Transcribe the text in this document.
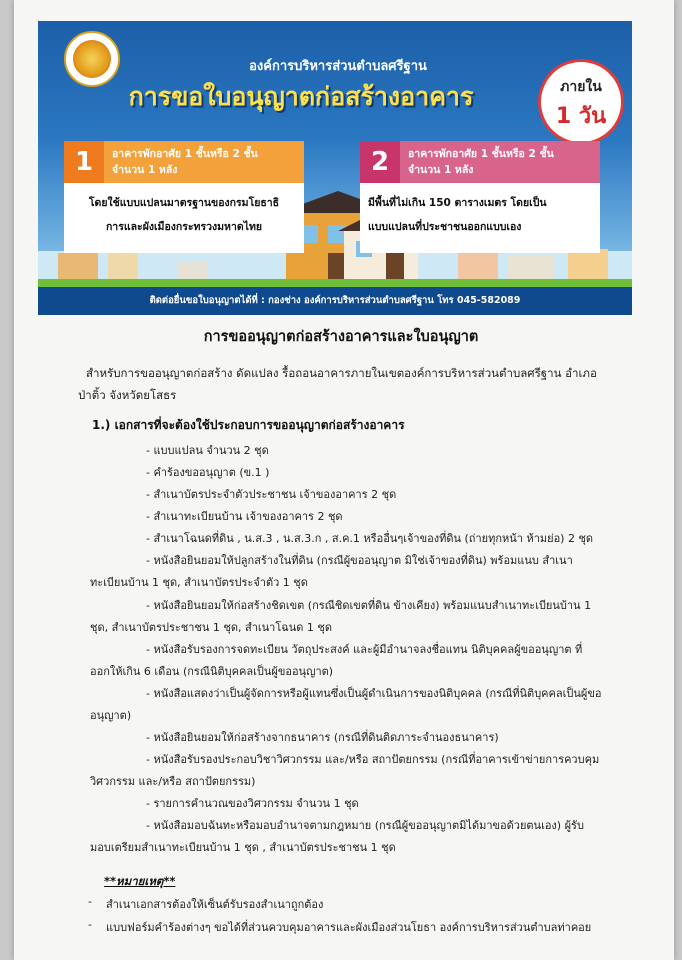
องค์การบริหารส่วนตำบลศรีฐาน
การขอใบอนุญาตก่อสร้างอาคาร	ภายใน
1 วัน
1	อาคารพักอาศัย 1 ชั้นหรือ 2 ชั้น
จำนวน 1 หลัง
โดยใช้แบบแปลนมาตรฐานของกรมโยธาธิ
การและผังเมืองกระทรวงมหาดไทย
2	อาคารพักอาศัย 1 ชั้นหรือ 2 ชั้น
จำนวน 1 หลัง
มีพื้นที่ไม่เกิน 150 ตารางเมตร โดยเป็น
แบบแปลนที่ประชาชนออกแบบเอง
ติดต่อยื่นขอใบอนุญาตได้ที่ : กองช่าง องค์การบริหารส่วนตำบลศรีฐาน โทร 045-582089
การขออนุญาตก่อสร้างอาคารและใบอนุญาต
สำหรับการขออนุญาตก่อสร้าง ดัดแปลง รื้อถอนอาคารภายในเขตองค์การบริหารส่วนตำบลศรีฐาน อำเภอ
ป่าติ้ว จังหวัดยโสธร
1.) เอกสารที่จะต้องใช้ประกอบการขออนุญาตก่อสร้างอาคาร
- แบบแปลน จำนวน 2 ชุด
- คำร้องขออนุญาต (ข.1 )
- สำเนาบัตรประจำตัวประชาชน เจ้าของอาคาร 2 ชุด
- สำเนาทะเบียนบ้าน เจ้าของอาคาร 2 ชุด
- สำเนาโฉนดที่ดิน , น.ส.3 , น.ส.3.ก , ส.ค.1 หรืออื่นๆเจ้าของที่ดิน (ถ่ายทุกหน้า ห้ามย่อ) 2 ชุด
- หนังสือยินยอมให้ปลูกสร้างในที่ดิน (กรณีผู้ขออนุญาต มิใช่เจ้าของที่ดิน) พร้อมแนบ สำเนา
ทะเบียนบ้าน 1 ชุด, สำเนาบัตรประจำตัว 1 ชุด
- หนังสือยินยอมให้ก่อสร้างชิดเขต (กรณีชิดเขตที่ดิน ข้างเคียง) พร้อมแนบสำเนาทะเบียนบ้าน 1
ชุด, สำเนาบัตรประชาชน 1 ชุด, สำเนาโฉนด 1 ชุด
- หนังสือรับรองการจดทะเบียน วัตถุประสงค์ และผู้มีอำนาจลงชื่อแทน นิติบุคคลผู้ขออนุญาต ที่
ออกให้เกิน 6 เดือน (กรณีนิติบุคคลเป็นผู้ขออนุญาต)
- หนังสือแสดงว่าเป็นผู้จัดการหรือผู้แทนซึ่งเป็นผู้ดำเนินการของนิติบุคคล (กรณีที่นิติบุคคลเป็นผู้ขอ
อนุญาต)
- หนังสือยินยอมให้ก่อสร้างจากธนาคาร (กรณีที่ดินติดภาระจำนองธนาคาร)
- หนังสือรับรองประกอบวิชาวิศวกรรม และ/หรือ สถาปัตยกรรม (กรณีที่อาคารเข้าข่ายการควบคุม
วิศวกรรม และ/หรือ สถาปัตยกรรม)
- รายการคำนวณของวิศวกรรม จำนวน 1 ชุด
- หนังสือมอบฉันทะหรือมอบอำนาจตามกฎหมาย (กรณีผู้ขออนุญาตมิได้มาขอด้วยตนเอง) ผู้รับ
มอบเตรียมสำเนาทะเบียนบ้าน 1 ชุด , สำเนาบัตรประชาชน 1 ชุด
**หมายเหตุ**
- สำเนาเอกสารต้องให้เซ็นต์รับรองสำเนาถูกต้อง
- แบบฟอร์มคำร้องต่างๆ ขอได้ที่ส่วนควบคุมอาคารและผังเมืองส่วนโยธา องค์การบริหารส่วนตำบลท่าคอย
